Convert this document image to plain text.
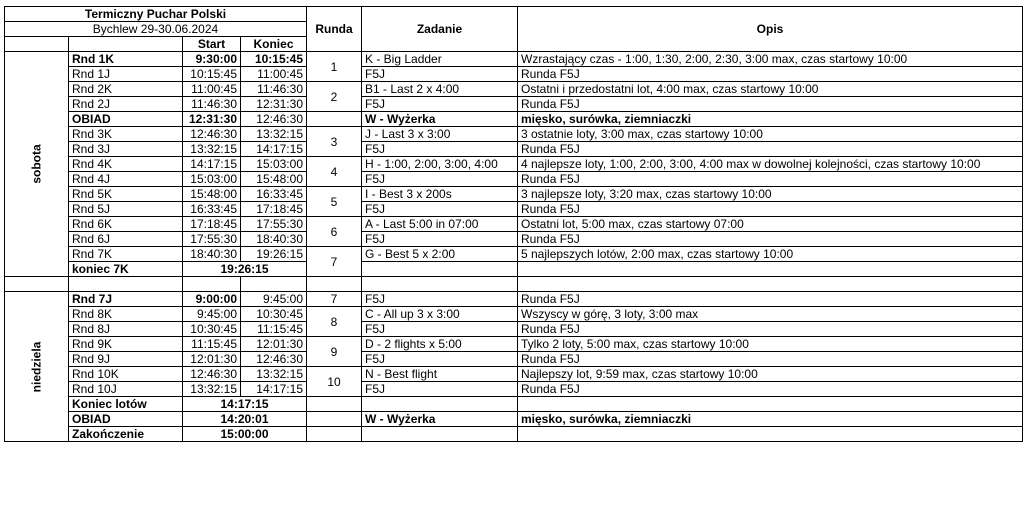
Termiczny Puchar Polski				Runda	Zadanie	Opis
Bychlew 29-30.06.2024						
		Start	Koniec			
sobota	Rnd 1K	9:30:00	10:15:45	1	K - Big Ladder	Wzrastający czas - 1:00, 1:30, 2:00, 2:30, 3:00 max, czas startowy 10:00
	Rnd 1J	10:15:45	11:00:45		F5J	Runda F5J
	Rnd 2K	11:00:45	11:46:30	2	B1 - Last 2 x 4:00	Ostatni i przedostatni lot, 4:00 max, czas startowy 10:00
	Rnd 2J	11:46:30	12:31:30		F5J	Runda F5J
	OBIAD	12:31:30	12:46:30		W - Wyżerka	mięsko, surówka, ziemniaczki
	Rnd 3K	12:46:30	13:32:15	3	J - Last 3 x 3:00	3 ostatnie loty, 3:00 max, czas startowy 10:00
	Rnd 3J	13:32:15	14:17:15		F5J	Runda F5J
	Rnd 4K	14:17:15	15:03:00	4	H - 1:00, 2:00, 3:00, 4:00	4 najlepsze loty, 1:00, 2:00, 3:00, 4:00 max w dowolnej kolejności, czas startowy 10:00
	Rnd 4J	15:03:00	15:48:00		F5J	Runda F5J
	Rnd 5K	15:48:00	16:33:45	5	I - Best 3 x 200s	3 najlepsze loty, 3:20 max, czas startowy 10:00
	Rnd 5J	16:33:45	17:18:45		F5J	Runda F5J
	Rnd 6K	17:18:45	17:55:30	6	A - Last 5:00 in 07:00	Ostatni lot, 5:00 max, czas startowy 07:00
	Rnd 6J	17:55:30	18:40:30		F5J	Runda F5J
	Rnd 7K	18:40:30	19:26:15	7	G - Best 5 x 2:00	5 najlepszych lotów, 2:00 max, czas startowy 10:00
	koniec 7K	19:26:15				

niedziela	Rnd 7J	9:00:00	9:45:00	7	F5J	Runda F5J
	Rnd 8K	9:45:00	10:30:45	8	C - All up 3 x 3:00	Wszyscy w górę, 3 loty, 3:00 max
	Rnd 8J	10:30:45	11:15:45		F5J	Runda F5J
	Rnd 9K	11:15:45	12:01:30	9	D - 2 flights x 5:00	Tylko 2 loty, 5:00 max, czas startowy 10:00
	Rnd 9J	12:01:30	12:46:30		F5J	Runda F5J
	Rnd 10K	12:46:30	13:32:15	10	N - Best flight	Najlepszy lot, 9:59 max, czas startowy 10:00
	Rnd 10J	13:32:15	14:17:15		F5J	Runda F5J
	Koniec lotów	14:17:15				
	OBIAD	14:20:01			W - Wyżerka	mięsko, surówka, ziemniaczki
	Zakończenie	15:00:00				
